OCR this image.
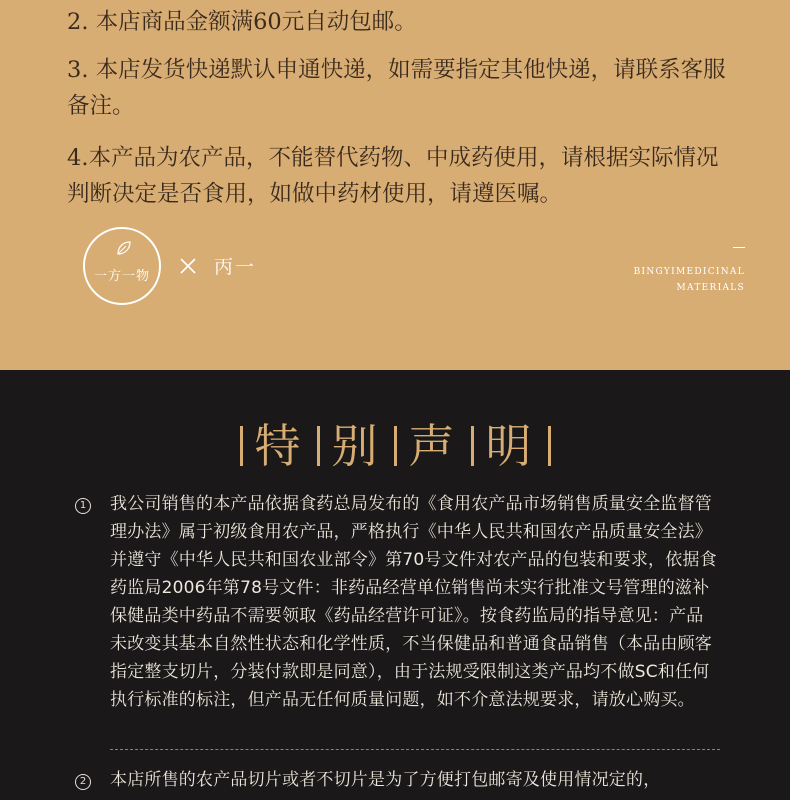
2. 本店商品金额满60元自动包邮。

3. 本店发货快递默认申通快递，如需要指定其他快递，请联系客服备注。

4.本产品为农产品，不能替代药物、中成药使用，请根据实际情况判断决定是否食用，如做中药材使用，请遵医嘱。

一方一物	丙一	BINGYIMEDICINAL
MATERIALS
特 别 声 明
1 我公司销售的本产品依据食药总局发布的《食用农产品市场销售质量安全监督管理办法》属于初级食用农产品，严格执行《中华人民共和国农产品质量安全法》并遵守《中华人民共和国农业部令》第70号文件对农产品的包装和要求，依据食药监局2006年第78号文件：非药品经营单位销售尚未实行批准文号管理的滋补保健品类中药品不需要领取《药品经营许可证》。按食药监局的指导意见：产品未改变其基本自然性状态和化学性质，不当保健品和普通食品销售（本品由顾客指定整支切片，分装付款即是同意），由于法规受限制这类产品均不做SC和任何执行标准的标注，但产品无任何质量问题，如不介意法规要求，请放心购买。

2 本店所售的农产品切片或者不切片是为了方便打包邮寄及使用情况定的，
